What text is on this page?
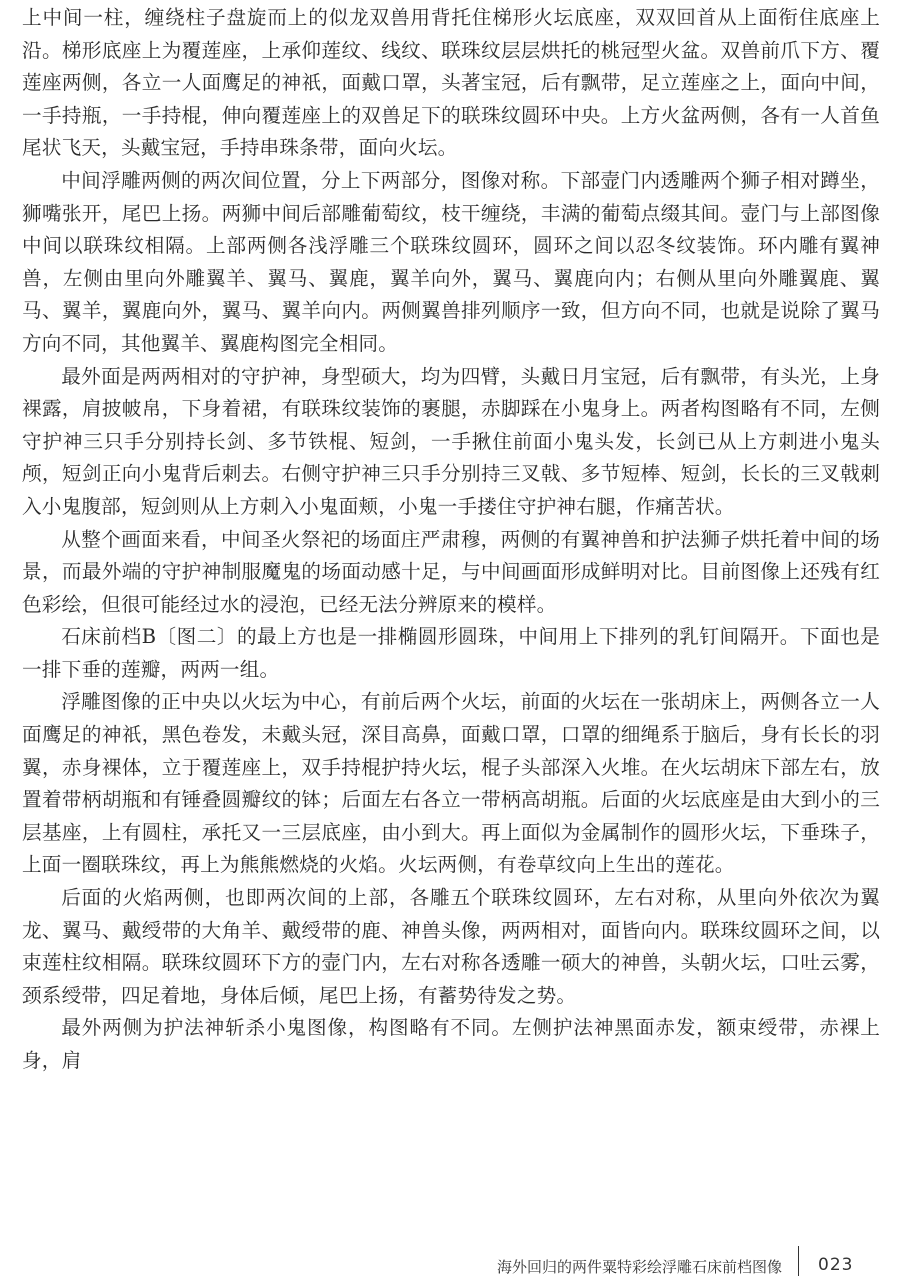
上中间一柱，缠绕柱子盘旋而上的似龙双兽用背托住梯形火坛底座，双双回首从上面衔住底座上沿。梯形底座上为覆莲座，上承仰莲纹、线纹、联珠纹层层烘托的桃冠型火盆。双兽前爪下方、覆莲座两侧，各立一人面鹰足的神祇，面戴口罩，头著宝冠，后有飘带，足立莲座之上，面向中间，一手持瓶，一手持棍，伸向覆莲座上的双兽足下的联珠纹圆环中央。上方火盆两侧，各有一人首鱼尾状飞天，头戴宝冠，手持串珠条带，面向火坛。

中间浮雕两侧的两次间位置，分上下两部分，图像对称。下部壸门内透雕两个狮子相对蹲坐，狮嘴张开，尾巴上扬。两狮中间后部雕葡萄纹，枝干缠绕，丰满的葡萄点缀其间。壸门与上部图像中间以联珠纹相隔。上部两侧各浅浮雕三个联珠纹圆环，圆环之间以忍冬纹装饰。环内雕有翼神兽，左侧由里向外雕翼羊、翼马、翼鹿，翼羊向外，翼马、翼鹿向内；右侧从里向外雕翼鹿、翼马、翼羊，翼鹿向外，翼马、翼羊向内。两侧翼兽排列顺序一致，但方向不同，也就是说除了翼马方向不同，其他翼羊、翼鹿构图完全相同。

最外面是两两相对的守护神，身型硕大，均为四臂，头戴日月宝冠，后有飘带，有头光，上身裸露，肩披帔帛，下身着裙，有联珠纹装饰的裹腿，赤脚踩在小鬼身上。两者构图略有不同，左侧守护神三只手分别持长剑、多节铁棍、短剑，一手揪住前面小鬼头发，长剑已从上方刺进小鬼头颅，短剑正向小鬼背后刺去。右侧守护神三只手分别持三叉戟、多节短棒、短剑，长长的三叉戟刺入小鬼腹部，短剑则从上方刺入小鬼面颊，小鬼一手搂住守护神右腿，作痛苦状。

从整个画面来看，中间圣火祭祀的场面庄严肃穆，两侧的有翼神兽和护法狮子烘托着中间的场景，而最外端的守护神制服魔鬼的场面动感十足，与中间画面形成鲜明对比。目前图像上还残有红色彩绘，但很可能经过水的浸泡，已经无法分辨原来的模样。

石床前档B〔图二〕的最上方也是一排椭圆形圆珠，中间用上下排列的乳钉间隔开。下面也是一排下垂的莲瓣，两两一组。

浮雕图像的正中央以火坛为中心，有前后两个火坛，前面的火坛在一张胡床上，两侧各立一人面鹰足的神祇，黑色卷发，未戴头冠，深目高鼻，面戴口罩，口罩的细绳系于脑后，身有长长的羽翼，赤身裸体，立于覆莲座上，双手持棍护持火坛，棍子头部深入火堆。在火坛胡床下部左右，放置着带柄胡瓶和有锤叠圆瓣纹的钵；后面左右各立一带柄高胡瓶。后面的火坛底座是由大到小的三层基座，上有圆柱，承托又一三层底座，由小到大。再上面似为金属制作的圆形火坛，下垂珠子，上面一圈联珠纹，再上为熊熊燃烧的火焰。火坛两侧，有卷草纹向上生出的莲花。

后面的火焰两侧，也即两次间的上部，各雕五个联珠纹圆环，左右对称，从里向外依次为翼龙、翼马、戴绶带的大角羊、戴绶带的鹿、神兽头像，两两相对，面皆向内。联珠纹圆环之间，以束莲柱纹相隔。联珠纹圆环下方的壸门内，左右对称各透雕一硕大的神兽，头朝火坛，口吐云雾，颈系绶带，四足着地，身体后倾，尾巴上扬，有蓄势待发之势。

最外两侧为护法神斩杀小鬼图像，构图略有不同。左侧护法神黑面赤发，额束绶带，赤裸上身，肩

海外回归的两件粟特彩绘浮雕石床前档图像 023
